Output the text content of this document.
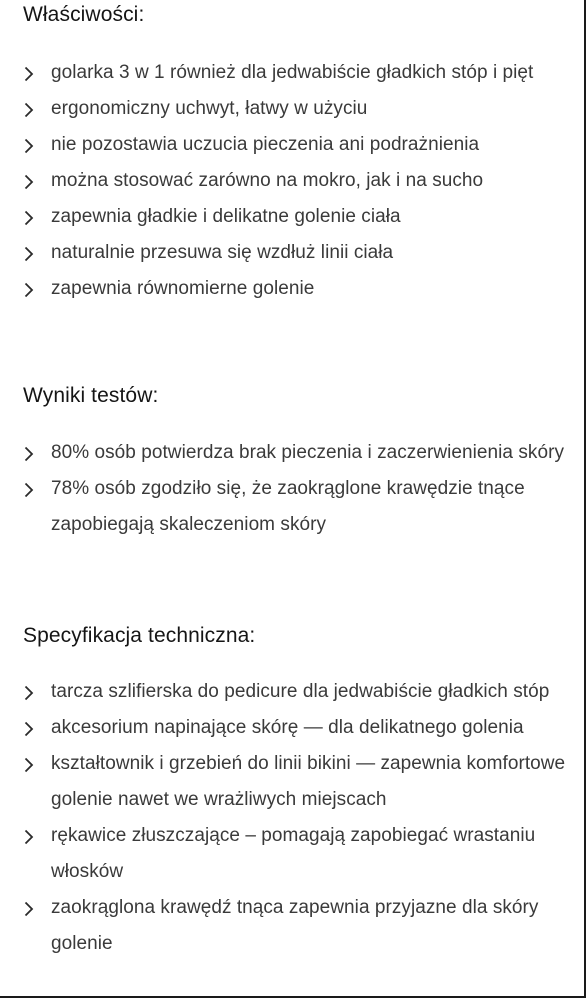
Właściwości:
golarka 3 w 1 również dla jedwabiście gładkich stóp i pięt
ergonomiczny uchwyt, łatwy w użyciu
nie pozostawia uczucia pieczenia ani podrażnienia
można stosować zarówno na mokro, jak i na sucho
zapewnia gładkie i delikatne golenie ciała
naturalnie przesuwa się wzdłuż linii ciała
zapewnia równomierne golenie
Wyniki testów:
80% osób potwierdza brak pieczenia i zaczerwienienia skóry
78% osób zgodziło się, że zaokrąglone krawędzie tnące zapobiegają skaleczeniom skóry
Specyfikacja techniczna:
tarcza szlifierska do pedicure dla jedwabiście gładkich stóp
akcesorium napinające skórę — dla delikatnego golenia
kształtownik i grzebień do linii bikini — zapewnia komfortowe golenie nawet we wrażliwych miejscach
rękawice złuszczające – pomagają zapobiegać wrastaniu włosków
zaokrąglona krawędź tnąca zapewnia przyjazne dla skóry golenie
